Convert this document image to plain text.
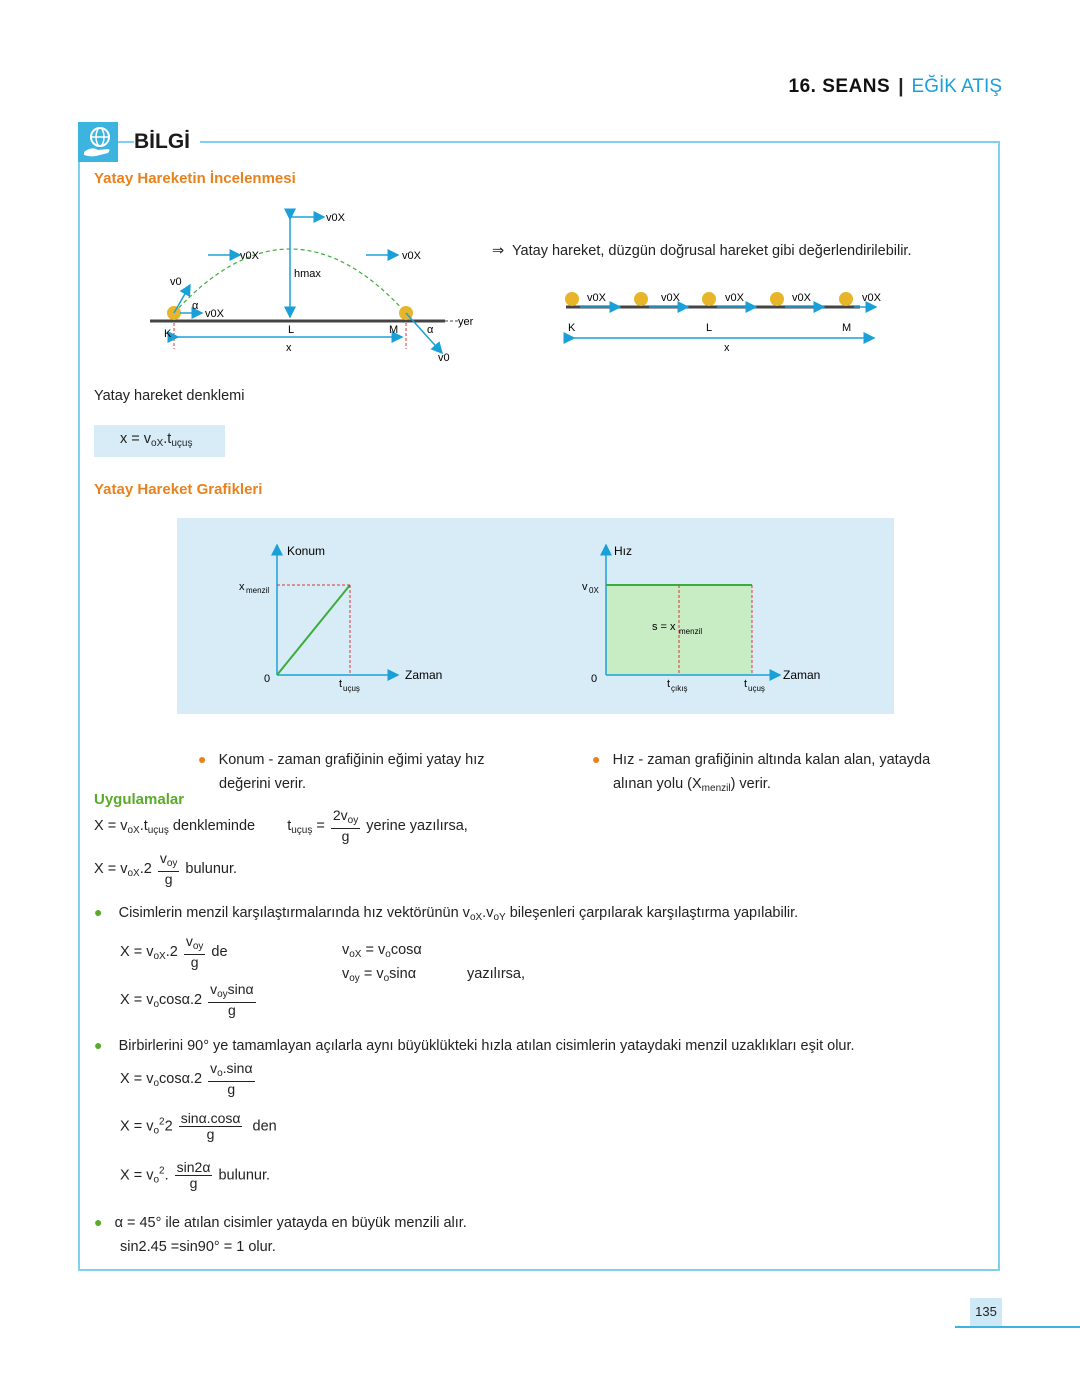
16. SEANS | EĞİK ATIŞ
BİLGİ
Yatay Hareketin İncelenmesi
v0X
v0X
v0X
v0X
hmax
v0
α
K	L	M	α
yer
x
v0
⇒ Yatay hareket, düzgün doğrusal hareket gibi değerlendirilebilir.
v0X	v0X	v0X	v0X	v0X
K	L	M
x
Yatay hareket denklemi
$x = v_{oX}.t_{uçuş}$
Yatay Hareket Grafikleri
Konum
Zaman
x menzil
0	t uçuş
Hız
Zaman
v 0X
0	t çıkış	t uçuş
s = x menzil
● Konum - zaman grafiğinin eğimi yatay hız
değerini verir.
● Hız - zaman grafiğinin altında kalan alan, yatayda
alınan yolu $(X_{menzil})$ verir.
Uygulamalar
$X = v_{oX}.t_{uçuş}$ denkleminde $t_{uçuş} = \frac{2v_{oy}}{g}$ yerine yazılırsa,
$X = v_{oX}.2 \frac{v_{oy}}{g}$ bulunur.
● Cisimlerin menzil karşılaştırmalarında hız vektörünün $v_{oX}.v_{oY}$ bileşenleri çarpılarak karşılaştırma yapılabilir.
$X = v_{oX}.2 \frac{v_{oy}}{g}$ de	$v_{oX} = v_o\cos\alpha$
$v_{oy} = v_o\sin\alpha$	yazılırsa,
$X = v_o\cos\alpha.2 \frac{v_{oy}\sin\alpha}{g}$
● Birbirlerini 90° ye tamamlayan açılarla aynı büyüklükteki hızla atılan cisimlerin yataydaki menzil uzaklıkları eşit olur.
$X = v_o\cos\alpha.2 \frac{v_o.\sin\alpha}{g}$
$X = v_o^22 \frac{\sin\alpha.\cos\alpha}{g}$ den
$X = v_o^2$. $\frac{\sin 2\alpha}{g}$ bulunur.
● α = 45° ile atılan cisimler yatayda en büyük menzili alır.
sin2.45 =sin90° = 1 olur.
135
